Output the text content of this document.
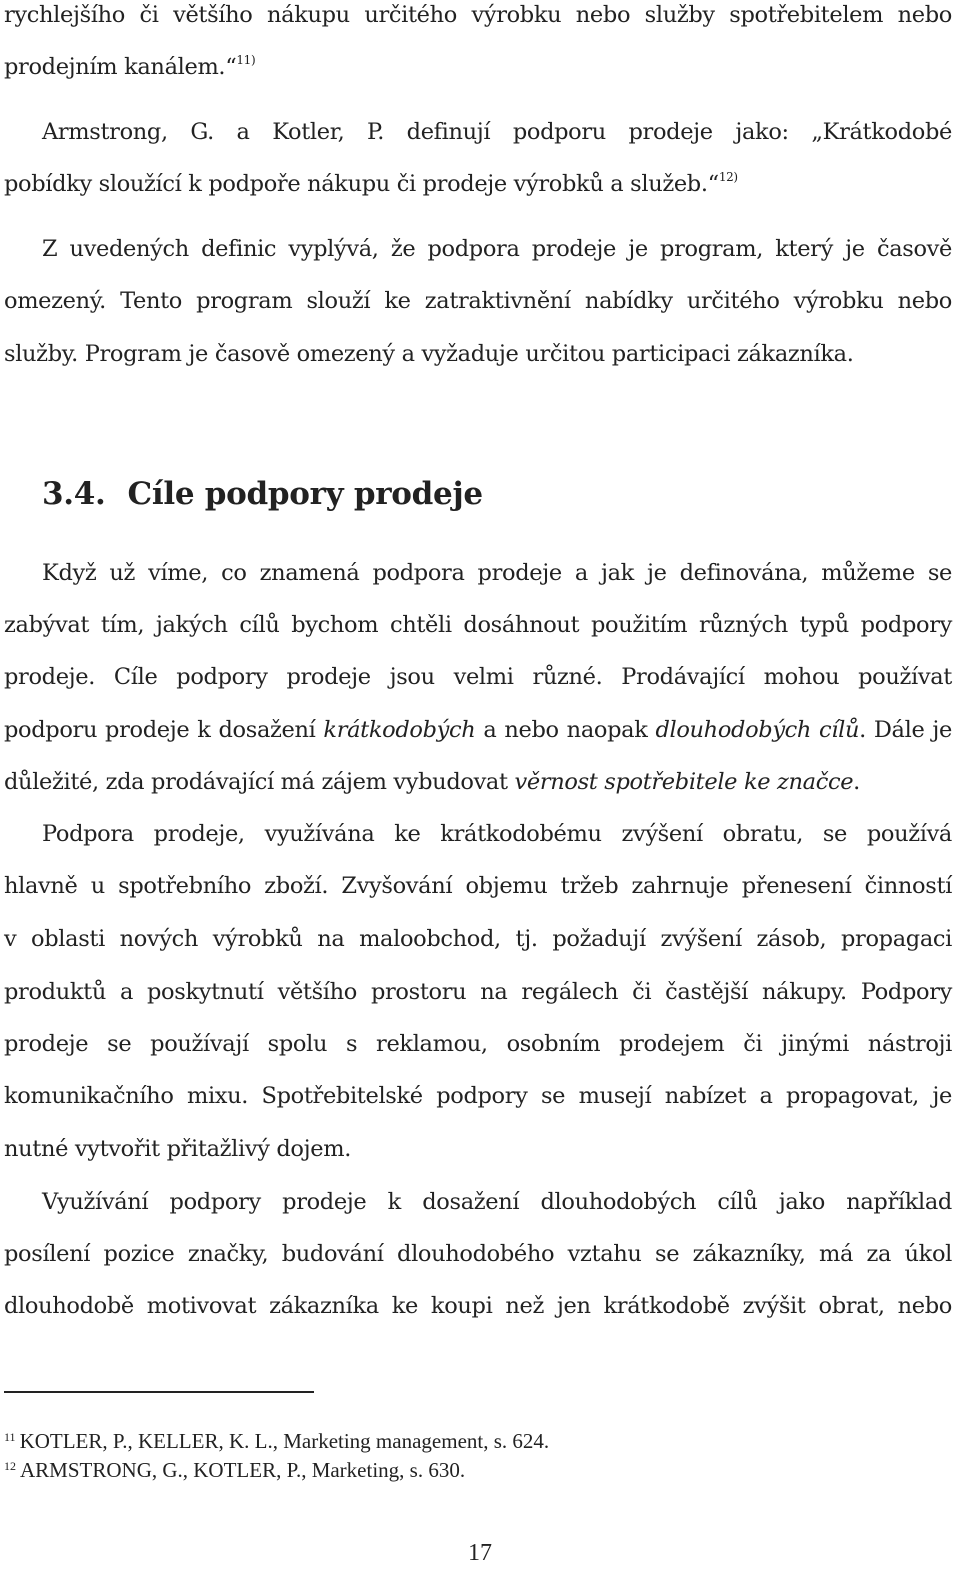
rychlejšího či většího nákupu určitého výrobku nebo služby spotřebitelem nebo
prodejním kanálem.“$^{11)}$
Armstrong, G. a Kotler, P. definují podporu prodeje jako: „Krátkodobé
pobídky sloužící k podpoře nákupu či prodeje výrobků a služeb.“$^{12)}$
Z uvedených definic vyplývá, že podpora prodeje je program, který je časově
omezený. Tento program slouží ke zatraktivnění nabídky určitého výrobku nebo
služby. Program je časově omezený a vyžaduje určitou participaci zákazníka.
3.4. Cíle podpory prodeje
Když už víme, co znamená podpora prodeje a jak je definována, můžeme se
zabývat tím, jakých cílů bychom chtěli dosáhnout použitím různých typů podpory
prodeje. Cíle podpory prodeje jsou velmi různé. Prodávající mohou používat
podporu prodeje k dosažení krátkodobých a nebo naopak dlouhodobých cílů. Dále je
důležité, zda prodávající má zájem vybudovat věrnost spotřebitele ke značce.
Podpora prodeje, využívána ke krátkodobému zvýšení obratu, se používá
hlavně u spotřebního zboží. Zvyšování objemu tržeb zahrnuje přenesení činností
v oblasti nových výrobků na maloobchod, tj. požadují zvýšení zásob, propagaci
produktů a poskytnutí většího prostoru na regálech či častější nákupy. Podpory
prodeje se používají spolu s reklamou, osobním prodejem či jinými nástroji
komunikačního mixu. Spotřebitelské podpory se musejí nabízet a propagovat, je
nutné vytvořit přitažlivý dojem.
Využívání podpory prodeje k dosažení dlouhodobých cílů jako například
posílení pozice značky, budování dlouhodobého vztahu se zákazníky, má za úkol
dlouhodobě motivovat zákazníka ke koupi než jen krátkodobě zvýšit obrat, nebo
$^{11}$ KOTLER, P., KELLER, K. L., Marketing management, s. 624.
$^{12}$ ARMSTRONG, G., KOTLER, P., Marketing, s. 630.
17
